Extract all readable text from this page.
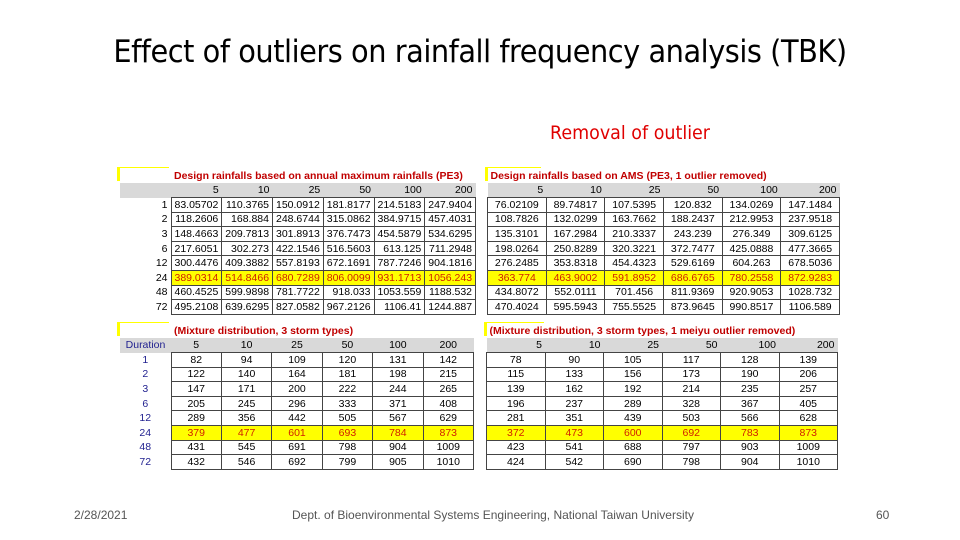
Effect of outliers on rainfall frequency analysis (TBK)
Removal of outlier

Design rainfalls based on annual maximum rainfalls (PE3)					
	5	10	25	50	100	200
1	83.05702	110.3765	150.0912	181.8177	214.5183	247.9404
2	118.2606	168.884	248.6744	315.0862	384.9715	457.4031
3	148.4663	209.7813	301.8913	376.7473	454.5879	534.6295
6	217.6051	302.273	422.1546	516.5603	613.125	711.2948
12	300.4476	409.3882	557.8193	672.1691	787.7246	904.1816
24	389.0314	514.8466	680.7289	806.0099	931.1713	1056.243
48	460.4525	599.9898	781.7722	918.033	1053.559	1188.532
72	495.2108	639.6295	827.0582	967.2126	1106.41	1244.887
Design rainfalls based on AMS (PE3, 1 outlier removed)					
5	10	25	50	100	200
76.02109	89.74817	107.5395	120.832	134.0269	147.1484
108.7826	132.0299	163.7662	188.2437	212.9953	237.9518
135.3101	167.2984	210.3337	243.239	276.349	309.6125
198.0264	250.8289	320.3221	372.7477	425.0888	477.3665
276.2485	353.8318	454.4323	529.6169	604.263	678.5036
363.774	463.9002	591.8952	686.6765	780.2558	872.9283
434.8072	552.0111	701.456	811.9369	920.9053	1028.732
470.4024	595.5943	755.5525	873.9645	990.8517	1106.589

(Mixture distribution, 3 storm types)					
Duration	5	10	25	50	100	200
1	82	94	109	120	131	142
2	122	140	164	181	198	215
3	147	171	200	222	244	265
6	205	245	296	333	371	408
12	289	356	442	505	567	629
24	379	477	601	693	784	873
48	431	545	691	798	904	1009
72	432	546	692	799	905	1010
(Mixture distribution, 3 storm types, 1 meiyu outlier removed)					
5	10	25	50	100	200
78	90	105	117	128	139
115	133	156	173	190	206
139	162	192	214	235	257
196	237	289	328	367	405
281	351	439	503	566	628
372	473	600	692	783	873
423	541	688	797	903	1009
424	542	690	798	904	1010
2/28/2021	Dept. of Bioenvironmental Systems Engineering, National Taiwan University	60
